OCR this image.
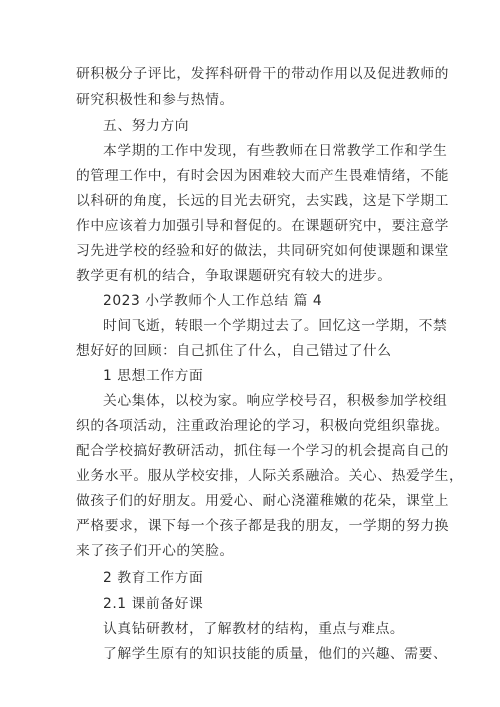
研积极分子评比，发挥科研骨干的带动作用以及促进教师的
研究积极性和参与热情。
五、努力方向
本学期的工作中发现，有些教师在日常教学工作和学生
的管理工作中，有时会因为困难较大而产生畏难情绪，不能
以科研的角度，长远的目光去研究，去实践，这是下学期工
作中应该着力加强引导和督促的。在课题研究中，要注意学
习先进学校的经验和好的做法，共同研究如何使课题和课堂
教学更有机的结合，争取课题研究有较大的进步。
2023 小学教师个人工作总结 篇 4
时间飞逝，转眼一个学期过去了。回忆这一学期，不禁
想好好的回顾：自己抓住了什么，自己错过了什么
1 思想工作方面
关心集体，以校为家。响应学校号召，积极参加学校组
织的各项活动，注重政治理论的学习，积极向党组织靠拢。
配合学校搞好教研活动，抓住每一个学习的机会提高自己的
业务水平。服从学校安排，人际关系融洽。关心、热爱学生，
做孩子们的好朋友。用爱心、耐心浇灌稚嫩的花朵，课堂上
严格要求，课下每一个孩子都是我的朋友，一学期的努力换
来了孩子们开心的笑脸。
2 教育工作方面
2.1 课前备好课
认真钻研教材，了解教材的结构，重点与难点。
了解学生原有的知识技能的质量，他们的兴趣、需要、
